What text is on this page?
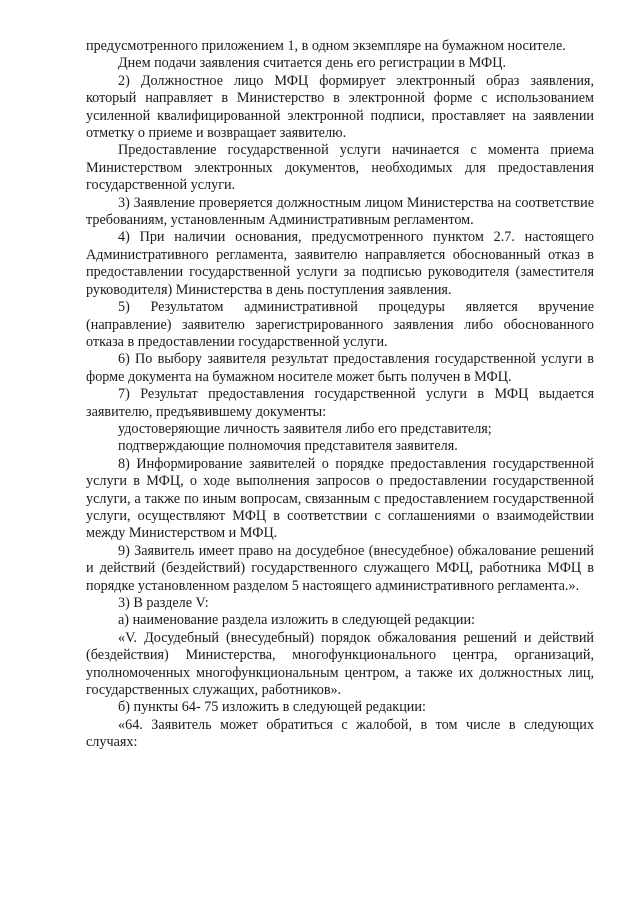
предусмотренного приложением 1, в одном экземпляре на бумажном носителе.

Днем подачи заявления считается день его регистрации в МФЦ.

2) Должностное лицо МФЦ формирует электронный образ заявления, который направляет в Министерство в электронной форме с использованием усиленной квалифицированной электронной подписи, проставляет на заявлении отметку о приеме и возвращает заявителю.

Предоставление государственной услуги начинается с момента приема Министерством электронных документов, необходимых для предоставления государственной услуги.

3) Заявление проверяется должностным лицом Министерства на соответствие требованиям, установленным Административным регламентом.

4) При наличии основания, предусмотренного пунктом 2.7. настоящего Административного регламента, заявителю направляется обоснованный отказ в предоставлении государственной услуги за подписью руководителя (заместителя руководителя) Министерства в день поступления заявления.

5) Результатом административной процедуры является вручение (направление) заявителю зарегистрированного заявления либо обоснованного отказа в предоставлении государственной услуги.

6) По выбору заявителя результат предоставления государственной услуги в форме документа на бумажном носителе может быть получен в МФЦ.

7) Результат предоставления государственной услуги в МФЦ выдается заявителю, предъявившему документы:

удостоверяющие личность заявителя либо его представителя;

подтверждающие полномочия представителя заявителя.

8) Информирование заявителей о порядке предоставления государственной услуги в МФЦ, о ходе выполнения запросов о предоставлении государственной услуги, а также по иным вопросам, связанным с предоставлением государственной услуги, осуществляют МФЦ в соответствии с соглашениями о взаимодействии между Министерством и МФЦ.

9) Заявитель имеет право на досудебное (внесудебное) обжалование решений и действий (бездействий) государственного служащего МФЦ, работника МФЦ в порядке установленном разделом 5 настоящего административного регламента.».

3) В разделе V:

а) наименование раздела изложить в следующей редакции:

«V. Досудебный (внесудебный) порядок обжалования решений и действий (бездействия) Министерства, многофункционального центра, организаций, уполномоченных многофункциональным центром, а также их должностных лиц, государственных служащих, работников».

б) пункты 64- 75 изложить в следующей редакции:

«64. Заявитель может обратиться с жалобой, в том числе в следующих случаях:
